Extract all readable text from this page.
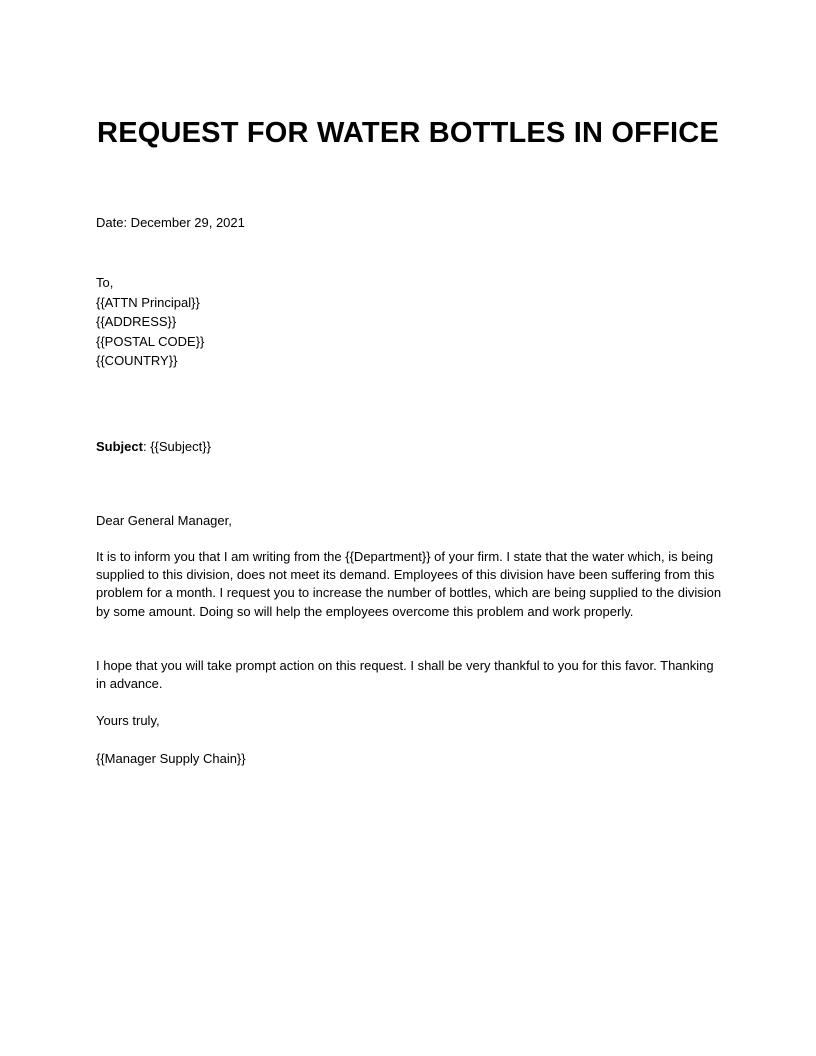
REQUEST FOR WATER BOTTLES IN OFFICE

Date: December 29, 2021

To,
{{ATTN Principal}}
{{ADDRESS}}
{{POSTAL CODE}}
{{COUNTRY}}

Subject: {{Subject}}

Dear General Manager,

It is to inform you that I am writing from the {{Department}} of your firm. I state that the water which, is being supplied to this division, does not meet its demand. Employees of this division have been suffering from this problem for a month. I request you to increase the number of bottles, which are being supplied to the division by some amount. Doing so will help the employees overcome this problem and work properly.

I hope that you will take prompt action on this request. I shall be very thankful to you for this favor. Thanking in advance.

Yours truly,

{{Manager Supply Chain}}
